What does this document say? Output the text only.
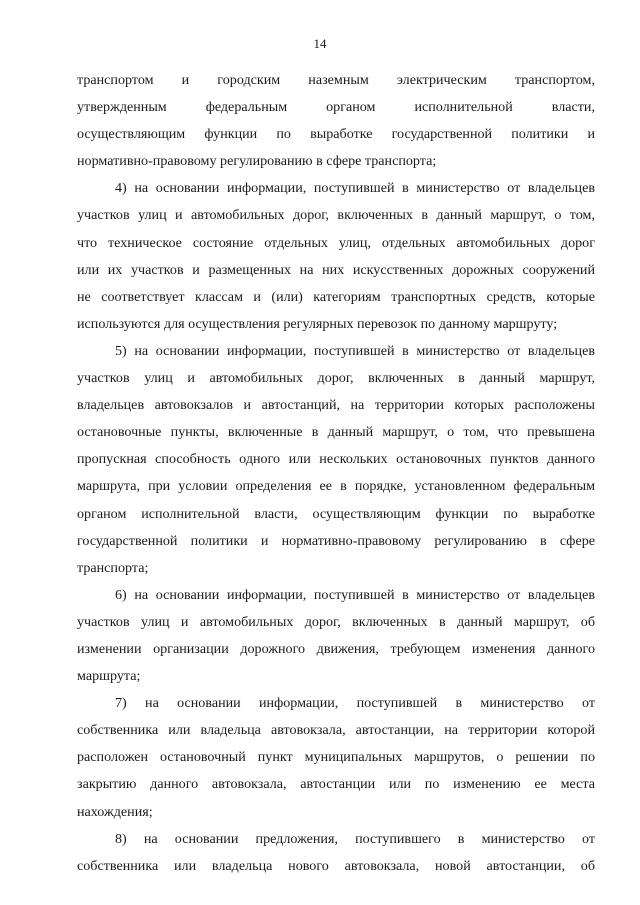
14
транспортом и городским наземным электрическим транспортом,
утвержденным федеральным органом исполнительной власти,
осуществляющим функции по выработке государственной политики и
нормативно-правовому регулированию в сфере транспорта;
4) на основании информации, поступившей в министерство от владельцев
участков улиц и автомобильных дорог, включенных в данный маршрут, о том,
что техническое состояние отдельных улиц, отдельных автомобильных дорог
или их участков и размещенных на них искусственных дорожных сооружений
не соответствует классам и (или) категориям транспортных средств, которые
используются для осуществления регулярных перевозок по данному маршруту;
5) на основании информации, поступившей в министерство от владельцев
участков улиц и автомобильных дорог, включенных в данный маршрут,
владельцев автовокзалов и автостанций, на территории которых расположены
остановочные пункты, включенные в данный маршрут, о том, что превышена
пропускная способность одного или нескольких остановочных пунктов данного
маршрута, при условии определения ее в порядке, установленном федеральным
органом исполнительной власти, осуществляющим функции по выработке
государственной политики и нормативно-правовому регулированию в сфере
транспорта;
6) на основании информации, поступившей в министерство от владельцев
участков улиц и автомобильных дорог, включенных в данный маршрут, об
изменении организации дорожного движения, требующем изменения данного
маршрута;
7) на основании информации, поступившей в министерство от
собственника или владельца автовокзала, автостанции, на территории которой
расположен остановочный пункт муниципальных маршрутов, о решении по
закрытию данного автовокзала, автостанции или по изменению ее места
нахождения;
8) на основании предложения, поступившего в министерство от
собственника или владельца нового автовокзала, новой автостанции, об
